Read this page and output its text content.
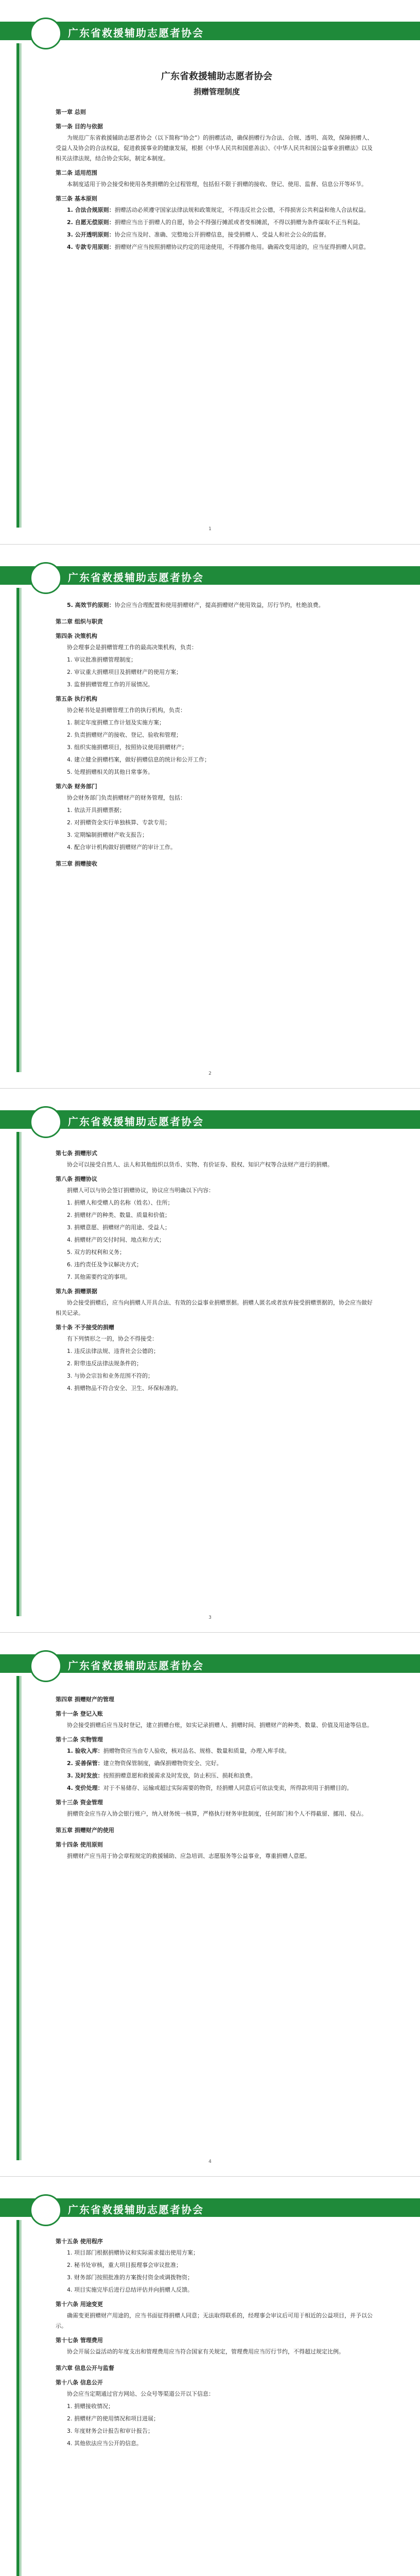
广东省救援辅助志愿者协会
广东省救援辅助志愿者协会
捐赠管理制度
第一章 总则
第一条 目的与依据
为规范广东省救援辅助志愿者协会（以下简称“协会”）的捐赠活动，确保捐赠行为合法、合规、透明、高效，保障捐赠人、受益人及协会的合法权益，促进救援事业的健康发展，根据《中华人民共和国慈善法》、《中华人民共和国公益事业捐赠法》以及相关法律法规，结合协会实际，制定本制度。
第二条 适用范围
本制度适用于协会接受和使用各类捐赠的全过程管理，包括但不限于捐赠的接收、登记、使用、监督、信息公开等环节。
第三条 基本原则
1. 合法合规原则：捐赠活动必须遵守国家法律法规和政策规定，不得违反社会公德，不得损害公共利益和他人合法权益。
2. 自愿无偿原则：捐赠应当出于捐赠人的自愿，协会不得强行摊派或者变相摊派，不得以捐赠为条件谋取不正当利益。
3. 公开透明原则：协会应当及时、准确、完整地公开捐赠信息，接受捐赠人、受益人和社会公众的监督。
4. 专款专用原则：捐赠财产应当按照捐赠协议约定的用途使用，不得挪作他用。确需改变用途的，应当征得捐赠人同意。
1
广东省救援辅助志愿者协会
5. 高效节约原则：协会应当合理配置和使用捐赠财产，提高捐赠财产使用效益，厉行节约，杜绝浪费。
第二章 组织与职责
第四条 决策机构
协会理事会是捐赠管理工作的最高决策机构，负责：
1. 审议批准捐赠管理制度；
2. 审议重大捐赠项目及捐赠财产的使用方案；
3. 监督捐赠管理工作的开展情况。
第五条 执行机构
协会秘书处是捐赠管理工作的执行机构，负责：
1. 制定年度捐赠工作计划及实施方案；
2. 负责捐赠财产的接收、登记、验收和管理；
3. 组织实施捐赠项目，按照协议使用捐赠财产；
4. 建立健全捐赠档案，做好捐赠信息的统计和公开工作；
5. 处理捐赠相关的其他日常事务。
第六条 财务部门
协会财务部门负责捐赠财产的财务管理，包括：
1. 依法开具捐赠票据；
2. 对捐赠资金实行单独核算、专款专用；
3. 定期编制捐赠财产收支报告；
4. 配合审计机构做好捐赠财产的审计工作。
第三章 捐赠接收
2
广东省救援辅助志愿者协会
第七条 捐赠形式
协会可以接受自然人、法人和其他组织以货币、实物、有价证券、股权、知识产权等合法财产进行的捐赠。
第八条 捐赠协议
捐赠人可以与协会签订捐赠协议，协议应当明确以下内容：
1. 捐赠人和受赠人的名称（姓名）、住所；
2. 捐赠财产的种类、数量、质量和价值；
3. 捐赠意愿、捐赠财产的用途、受益人；
4. 捐赠财产的交付时间、地点和方式；
5. 双方的权利和义务；
6. 违约责任及争议解决方式；
7. 其他需要约定的事项。
第九条 捐赠票据
协会接受捐赠后，应当向捐赠人开具合法、有效的公益事业捐赠票据。捐赠人匿名或者放弃接受捐赠票据的，协会应当做好相关记录。
第十条 不予接受的捐赠
有下列情形之一的，协会不得接受：
1. 违反法律法规、违背社会公德的；
2. 附带违反法律法规条件的；
3. 与协会宗旨和业务范围不符的；
4. 捐赠物品不符合安全、卫生、环保标准的。
3
广东省救援辅助志愿者协会
第四章 捐赠财产的管理
第十一条 登记入账
协会接受捐赠后应当及时登记，建立捐赠台账，如实记录捐赠人、捐赠时间、捐赠财产的种类、数量、价值及用途等信息。
第十二条 实物管理
1. 验收入库：捐赠物资应当由专人验收，核对品名、规格、数量和质量，办理入库手续。
2. 妥善保管：建立物资保管制度，确保捐赠物资安全、完好。
3. 及时发放：按照捐赠意愿和救援需求及时发放，防止积压、损耗和浪费。
4. 变价处理：对于不易储存、运输或超过实际需要的物资，经捐赠人同意后可依法变卖，所得款项用于捐赠目的。
第十三条 资金管理
捐赠资金应当存入协会银行账户，纳入财务统一核算，严格执行财务审批制度，任何部门和个人不得截留、挪用、侵占。
第五章 捐赠财产的使用
第十四条 使用原则
捐赠财产应当用于协会章程规定的救援辅助、应急培训、志愿服务等公益事业，尊重捐赠人意愿。
4
广东省救援辅助志愿者协会
第十五条 使用程序
1. 项目部门根据捐赠协议和实际需求提出使用方案；
2. 秘书处审核，重大项目报理事会审议批准；
3. 财务部门按照批准的方案拨付资金或调拨物资；
4. 项目实施完毕后进行总结评估并向捐赠人反馈。
第十六条 用途变更
确需变更捐赠财产用途的，应当书面征得捐赠人同意；无法取得联系的，经理事会审议后可用于相近的公益项目，并予以公示。
第十七条 管理费用
协会开展公益活动的年度支出和管理费用应当符合国家有关规定，管理费用应当厉行节约，不得超过规定比例。
第六章 信息公开与监督
第十八条 信息公开
协会应当定期通过官方网站、公众号等渠道公开以下信息：
1. 捐赠接收情况；
2. 捐赠财产的使用情况和项目进展；
3. 年度财务会计报告和审计报告；
4. 其他依法应当公开的信息。
